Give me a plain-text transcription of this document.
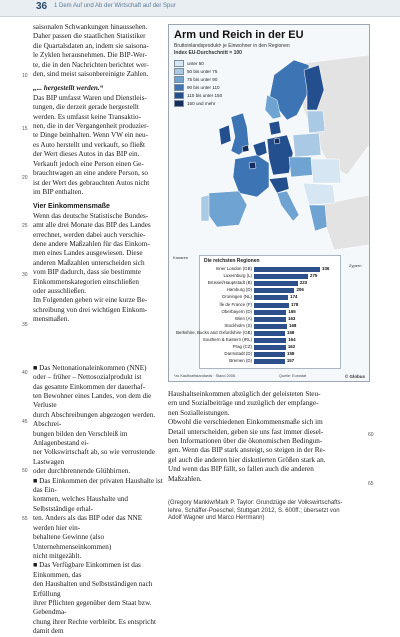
36 1 Dem Auf und Ab der Wirtschaft auf der Spur

saisonalen Schwankungen hinaussehen.

Daher passen die staatlichen Statistiker

die Quartalsdaten an, indem sie saisona-

le Zyklen herausnehmen. Die BIP-Wer-

te, die in den Nachrichten berichtet wer-

den, sind meist saisonbereinigte Zahlen.

„... hergestellt werden.“

Das BIP umfasst Waren und Dienstleis-

tungen, die derzeit gerade hergestellt

werden. Es umfasst keine Transaktio-

nen, die in der Vergangenheit produzier-

te Dinge beinhalten. Wenn VW ein neu-

es Auto herstellt und verkauft, so fließt

der Wert dieses Autos in das BIP ein.

Verkauft jedoch eine Person einen Ge-

brauchtwagen an eine andere Person, so

ist der Wert des gebrauchten Autos nicht

im BIP enthalten.

Vier Einkommensmaße

Wenn das deutsche Statistische Bundes-

amt alle drei Monate das BIP des Landes

errechnet, werden dabei auch verschie-

dene andere Maßzahlen für das Einkom-

men eines Landes ausgewiesen. Diese

anderen Maßzahlen unterscheiden sich

vom BIP dadurch, dass sie bestimmte

Einkommenskategorien einschließen

oder ausschließen.

Im Folgenden geben wir eine kurze Be-

schreibung von drei wichtigen Einkom-

mensmaßen.

■ Das Nettonationaleinkommen (NNE)

oder – früher – Nettosozialprodukt ist

das gesamte Einkommen der dauerhaf-

ten Bewohner eines Landes, von dem die Verluste

durch Abschreibungen abgezogen werden. Abschrei-

bungen bilden den Verschleiß im Anlagenbestand ei-

ner Volkswirtschaft ab, so wie verrostende Lastwagen

oder durchbrennende Glühbirnen.

■ Das Einkommen der privaten Haushalte ist das Ein-

kommen, welches Haushalte und Selbstständige erhal-

ten. Anders als das BIP oder das NNE werden hier ein-

behaltene Gewinne (also Unternehmenseinkommen)

nicht mitgezählt.

■ Das Verfügbare Einkommen ist das Einkommen, das

den Haushalten und Selbstständigen nach Erfüllung

ihrer Pflichten gegenüber dem Staat bzw. Gebendma-

chung ihrer Rechte verbleibt. Es entspricht damit dem

10
15
20
25
30
35
40
45
50
55

Haushaltseinkommen abzüglich der geleisteten Steu-

ern und Sozialbeiträge und zuzüglich der empfange-

nen Sozialleistungen.

Obwohl die verschiedenen Einkommensmaße sich im

Detail unterscheiden, geben sie uns fast immer diesel-

ben Informationen über die ökonomischen Bedingun-

gen. Wenn das BIP stark ansteigt, so steigen in der Re-

gel auch die anderen hier diskutierten Größen stark an.

Und wenn das BIP fällt, so fallen auch die anderen

Maßzahlen.

(Gregory Mankiw/Mark P. Taylor: Grundzüge der Volkswirtschafts-

lehre, Schäffer-Poeschel, Stuttgart 2012, S. 600ff.; übersetzt von

Adolf Wagner und Marco Herrmann)

60
65
Arm und Reich in der EU
Bruttoinlandsprodukt¹ je Einwohner in den Regionen
Index EU-Durchschnitt = 100
unter 50
50 bis unter 75
75 bis unter 90
90 bis unter 110
110 bis unter 150
150 und mehr
Kanaren
Zypern
Die reichsten Regionen
Inner London (GB)	336
Luxemburg (L)	275
Brüssel/Hauptstadt (B)	223
Hamburg (D)	206
Groningen (NL)	174
Île de France (F)	178
Oberbayern (D)	165
Wien (A)	163
Stockholm (S)	168
Berkshire, Bucks and Oxfordshire (GB)	158
Southern & Eastern (IRL)	164
Prag (CZ)	162
Darmstadt (D)	158
Bremen (D)	157
¹zu Kaufkraftstandards · Stand 2008	Quelle: Eurostat	© Globus
